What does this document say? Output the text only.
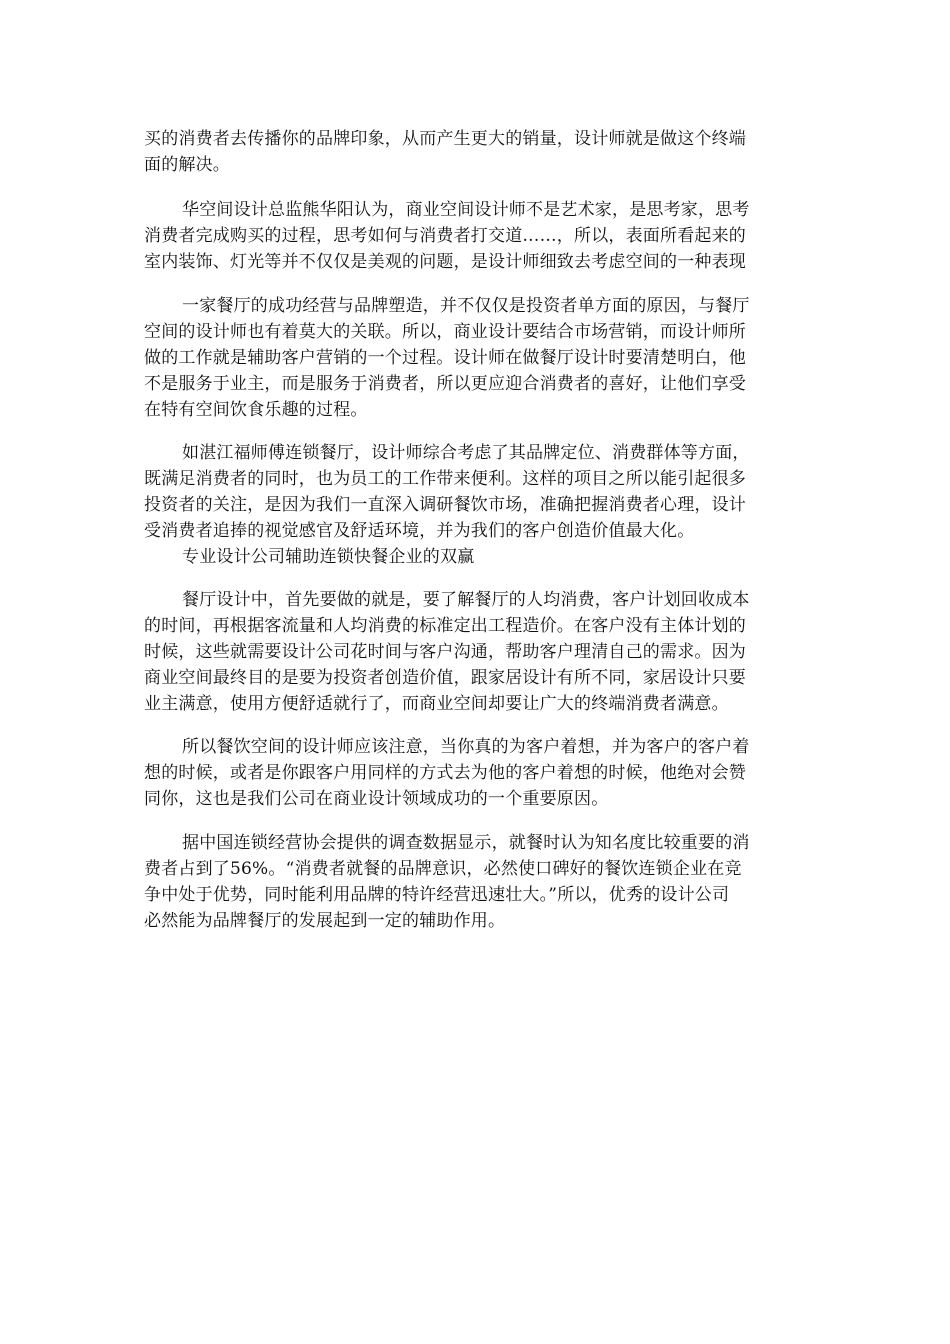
买的消费者去传播你的品牌印象，从而产生更大的销量，设计师就是做这个终端
面的解决。
华空间设计总监熊华阳认为，商业空间设计师不是艺术家，是思考家，思考
消费者完成购买的过程，思考如何与消费者打交道……，所以，表面所看起来的
室内装饰、灯光等并不仅仅是美观的问题，是设计师细致去考虑空间的一种表现
一家餐厅的成功经营与品牌塑造，并不仅仅是投资者单方面的原因，与餐厅
空间的设计师也有着莫大的关联。所以，商业设计要结合市场营销，而设计师所
做的工作就是辅助客户营销的一个过程。设计师在做餐厅设计时要清楚明白，他
不是服务于业主，而是服务于消费者，所以更应迎合消费者的喜好，让他们享受
在特有空间饮食乐趣的过程。
如湛江福师傅连锁餐厅，设计师综合考虑了其品牌定位、消费群体等方面，
既满足消费者的同时，也为员工的工作带来便利。这样的项目之所以能引起很多
投资者的关注，是因为我们一直深入调研餐饮市场，准确把握消费者心理，设计
受消费者追捧的视觉感官及舒适环境，并为我们的客户创造价值最大化。
专业设计公司辅助连锁快餐企业的双赢
餐厅设计中，首先要做的就是，要了解餐厅的人均消费，客户计划回收成本
的时间，再根据客流量和人均消费的标准定出工程造价。在客户没有主体计划的
时候，这些就需要设计公司花时间与客户沟通，帮助客户理清自己的需求。因为
商业空间最终目的是要为投资者创造价值，跟家居设计有所不同，家居设计只要
业主满意，使用方便舒适就行了，而商业空间却要让广大的终端消费者满意。
所以餐饮空间的设计师应该注意，当你真的为客户着想，并为客户的客户着
想的时候，或者是你跟客户用同样的方式去为他的客户着想的时候，他绝对会赞
同你，这也是我们公司在商业设计领域成功的一个重要原因。
据中国连锁经营协会提供的调查数据显示，就餐时认为知名度比较重要的消
费者占到了56%。“消费者就餐的品牌意识，必然使口碑好的餐饮连锁企业在竞
争中处于优势，同时能利用品牌的特许经营迅速壮大。”所以，优秀的设计公司
必然能为品牌餐厅的发展起到一定的辅助作用。
